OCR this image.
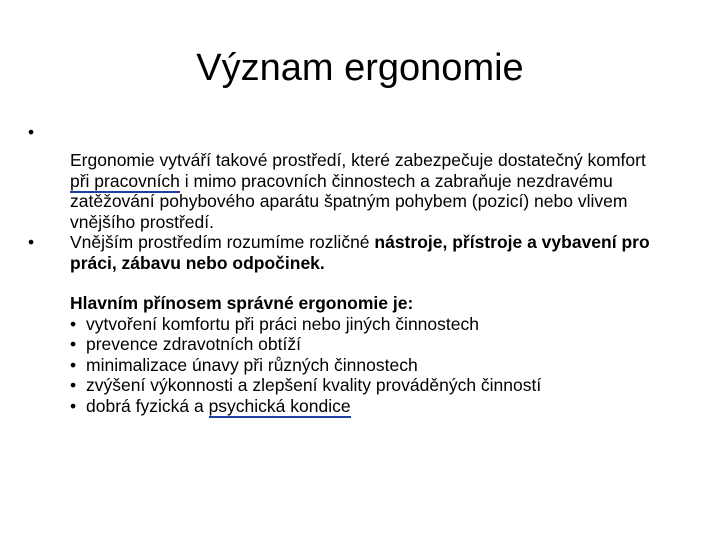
Význam ergonomie
•
Ergonomie vytváří takové prostředí, které zabezpečuje dostatečný komfort při pracovních i mimo pracovních činnostech a zabraňuje nezdravému zatěžování pohybového aparátu špatným pohybem (pozicí) nebo vlivem vnějšího prostředí.
•	Vnějším prostředím rozumíme rozličné nástroje, přístroje a vybavení pro práci, zábavu nebo odpočinek.
Hlavním přínosem správné ergonomie je:
• vytvoření komfortu při práci nebo jiných činnostech
• prevence zdravotních obtíží
• minimalizace únavy při různých činnostech
• zvýšení výkonnosti a zlepšení kvality prováděných činností
• dobrá fyzická a psychická kondice
